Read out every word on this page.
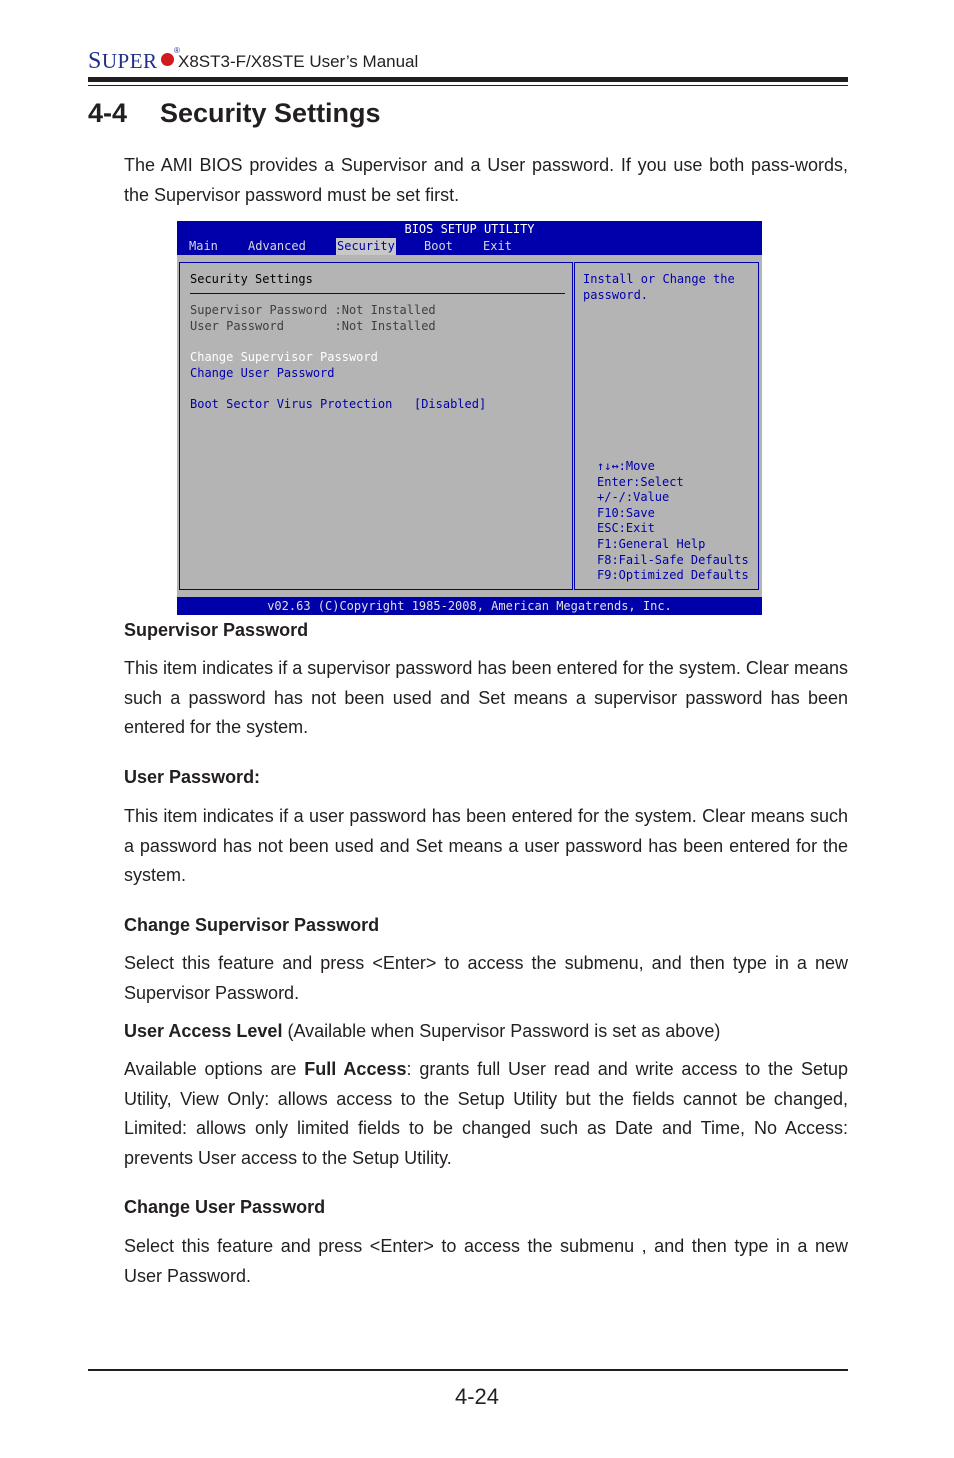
SUPER ®
X8ST3-F/X8STE User’s Manual
4-4 Security Settings

The AMI BIOS provides a Supervisor and a User password. If you use both pass-words, the Supervisor password must be set first.

BIOS SETUP UTILITY
Main	Advanced	Security Boot	Exit
Security Settings
Supervisor Password :Not Installed
User Password       :Not Installed
Change Supervisor Password
Change User Password
Boot Sector Virus Protection   [Disabled]
Install or Change the
password.
↑↓↔:Move
Enter:Select
+/-/:Value
F10:Save
ESC:Exit
F1:General Help
F8:Fail-Safe Defaults
F9:Optimized Defaults
v02.63 (C)Copyright 1985-2008, American Megatrends, Inc.
Supervisor Password

This item indicates if a supervisor password has been entered for the system. Clear means such a password has not been used and Set means a supervisor password has been entered for the system.

User Password:

This item indicates if a user password has been entered for the system. Clear means such a password has not been used and Set means a user password has been entered for the system.

Change Supervisor Password

Select this feature and press <Enter> to access the submenu, and then type in a new Supervisor Password.

User Access Level (Available when Supervisor Password is set as above)

Available options are Full Access: grants full User read and write access to the Setup Utility, View Only: allows access to the Setup Utility but the fields cannot be changed, Limited: allows only limited fields to be changed such as Date and Time, No Access: prevents User access to the Setup Utility.

Change User Password

Select this feature and press <Enter> to access the submenu , and then type in a new User Password.

4-24
